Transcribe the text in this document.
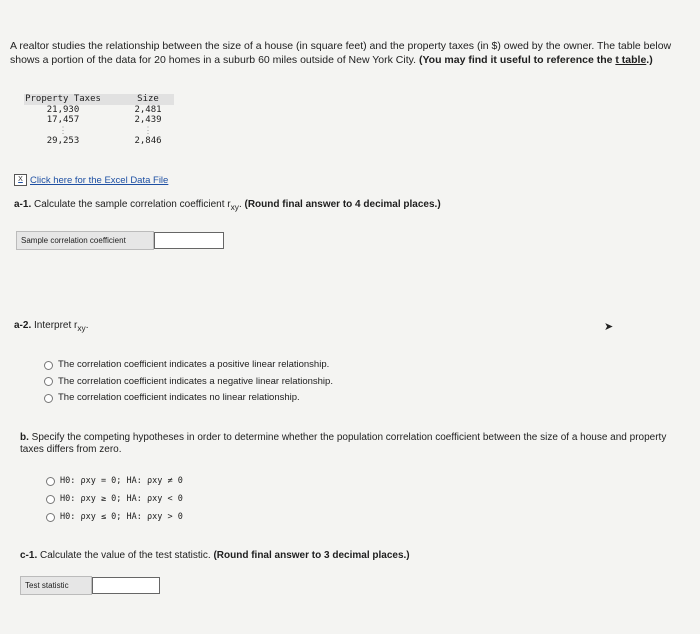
A realtor studies the relationship between the size of a house (in square feet) and the property taxes (in $) owed by the owner. The table below shows a portion of the data for 20 homes in a suburb 60 miles outside of New York City. (You may find it useful to reference the t table.)
Property Taxes	Size
21,930	2,481
17,457	2,439
⋮	⋮
29,253	2,846
X Click here for the Excel Data File
a-1. Calculate the sample correlation coefficient $r_{xy}$. (Round final answer to 4 decimal places.)
Sample correlation coefficient
a-2. Interpret $r_{xy}$.	➤
The correlation coefficient indicates a positive linear relationship.
The correlation coefficient indicates a negative linear relationship.
The correlation coefficient indicates no linear relationship.
b. Specify the competing hypotheses in order to determine whether the population correlation coefficient between the size of a house and property taxes differs from zero.
H0: ρxy = 0; HA: ρxy ≠ 0
H0: ρxy ≥ 0; HA: ρxy < 0
H0: ρxy ≤ 0; HA: ρxy > 0
c-1. Calculate the value of the test statistic. (Round final answer to 3 decimal places.)
Test statistic
